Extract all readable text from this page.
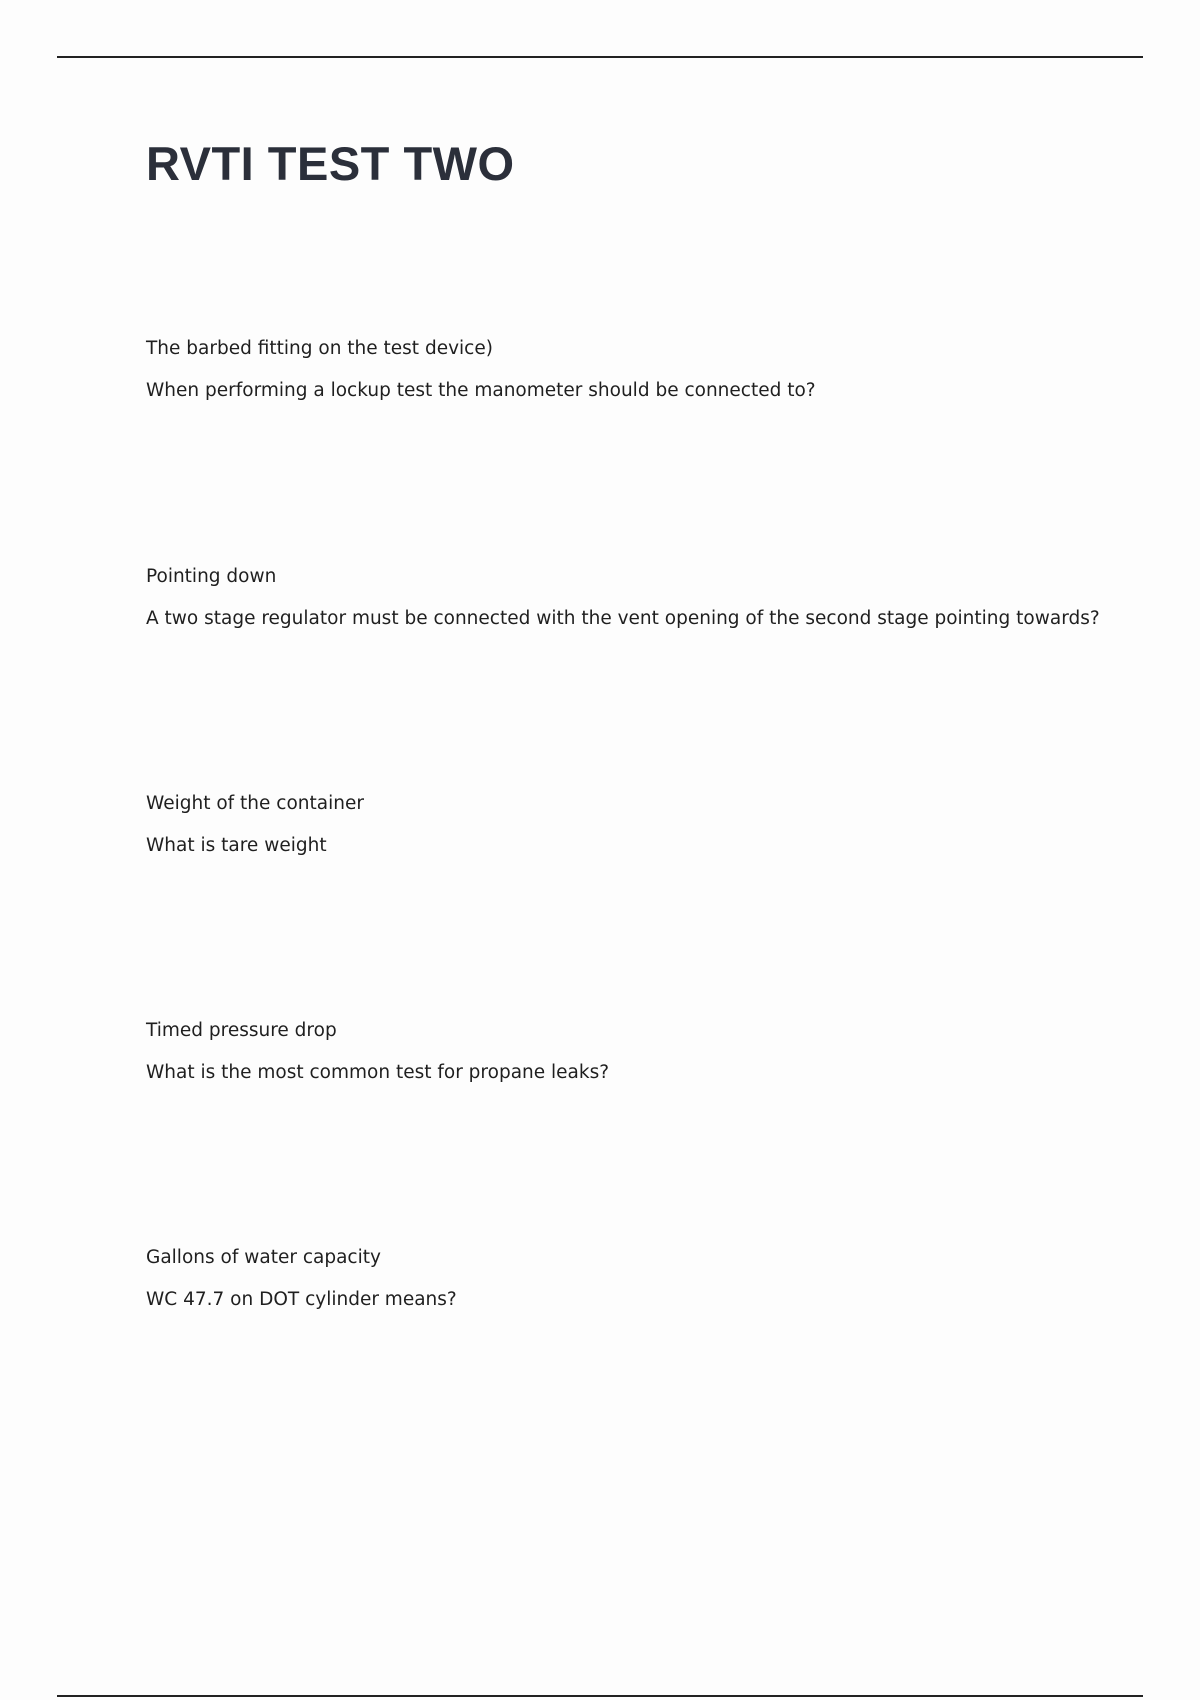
RVTI TEST TWO
The barbed fitting on the test device)
When performing a lockup test the manometer should be connected to?
Pointing down
A two stage regulator must be connected with the vent opening of the second stage pointing towards?
Weight of the container
What is tare weight
Timed pressure drop
What is the most common test for propane leaks?
Gallons of water capacity
WC 47.7 on DOT cylinder means?
